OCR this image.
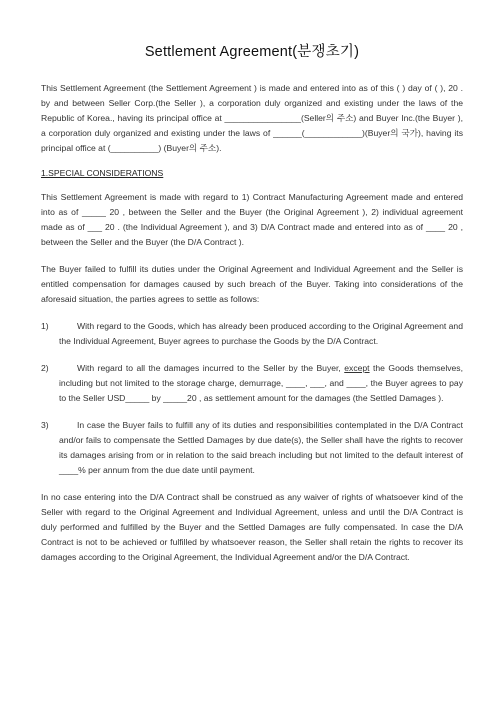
Settlement Agreement(분쟁초기)

This Settlement Agreement (the Settlement Agreement ) is made and entered into as of this ( ) day of ( ), 20 . by and between Seller Corp.(the Seller ), a corporation duly organized and existing under the laws of the Republic of Korea., having its principal office at ________________(Seller의 주소) and Buyer Inc.(the Buyer ), a corporation duly organized and existing under the laws of ______(____________)(Buyer의 국가), having its principal office at (__________) (Buyer의 주소).

1.SPECIAL CONSIDERATIONS

This Settlement Agreement is made with regard to 1) Contract Manufacturing Agreement made and entered into as of _____ 20 , between the Seller and the Buyer (the Original Agreement ), 2) individual agreement made as of ___ 20 . (the Individual Agreement ), and 3) D/A Contract made and entered into as of ____ 20 , between the Seller and the Buyer (the D/A Contract ).

The Buyer failed to fulfill its duties under the Original Agreement and Individual Agreement and the Seller is entitled compensation for damages caused by such breach of the Buyer. Taking into considerations of the aforesaid situation, the parties agrees to settle as follows:

1)	With regard to the Goods, which has already been produced according to the Original Agreement and the Individual Agreement, Buyer agrees to purchase the Goods by the D/A Contract.
2)	With regard to all the damages incurred to the Seller by the Buyer, except the Goods themselves, including but not limited to the storage charge, demurrage, ____, ___, and ____, the Buyer agrees to pay to the Seller USD_____ by _____20 , as settlement amount for the damages (the Settled Damages ).
3)	In case the Buyer fails to fulfill any of its duties and responsibilities contemplated in the D/A Contract and/or fails to compensate the Settled Damages by due date(s), the Seller shall have the rights to recover its damages arising from or in relation to the said breach including but not limited to the default interest of ____% per annum from the due date until payment.

In no case entering into the D/A Contract shall be construed as any waiver of rights of whatsoever kind of the Seller with regard to the Original Agreement and Individual Agreement, unless and until the D/A Contract is duly performed and fulfilled by the Buyer and the Settled Damages are fully compensated. In case the D/A Contract is not to be achieved or fulfilled by whatsoever reason, the Seller shall retain the rights to recover its damages according to the Original Agreement, the Individual Agreement and/or the D/A Contract.
